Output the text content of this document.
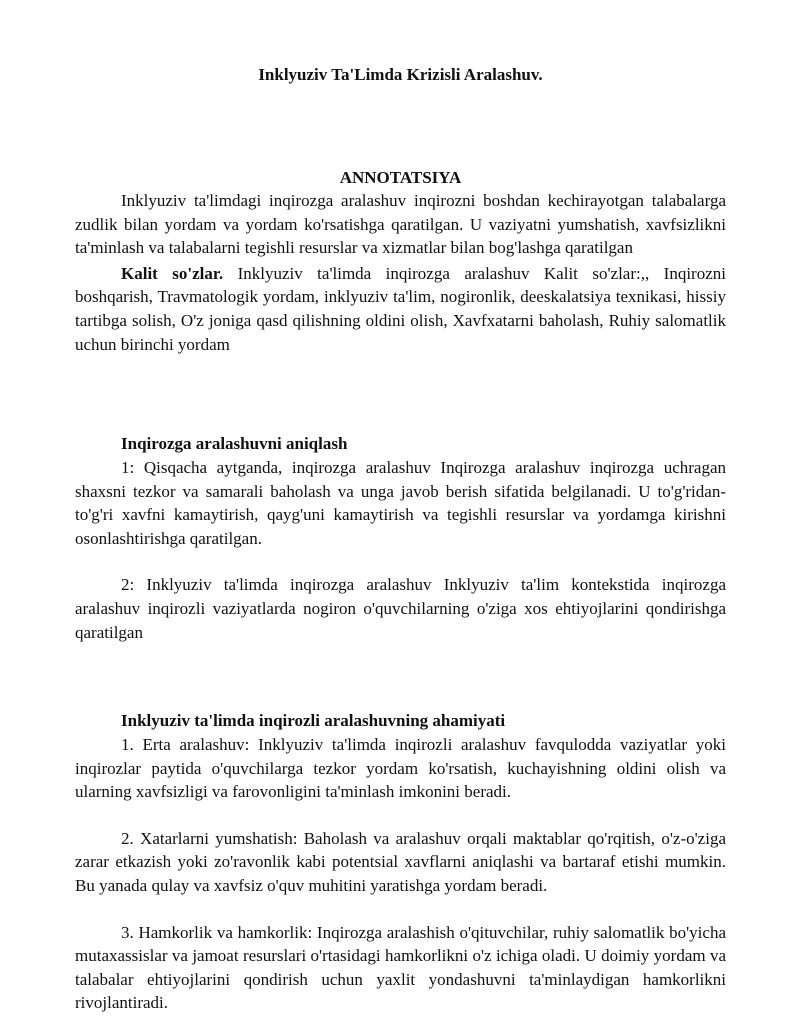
Inklyuziv Ta'Limda Krizisli Aralashuv.
ANNOTATSIYA

Inklyuziv ta'limdagi inqirozga aralashuv inqirozni boshdan kechirayotgan talabalarga zudlik bilan yordam va yordam ko'rsatishga qaratilgan. U vaziyatni yumshatish, xavfsizlikni ta'minlash va talabalarni tegishli resurslar va xizmatlar bilan bog'lashga qaratilgan

Kalit so'zlar. Inklyuziv ta'limda inqirozga aralashuv Kalit so'zlar:,, Inqirozni boshqarish, Travmatologik yordam, inklyuziv ta'lim, nogironlik, deeskalatsiya texnikasi, hissiy tartibga solish, O'z joniga qasd qilishning oldini olish, Xavfxatarni baholash, Ruhiy salomatlik uchun birinchi yordam

Inqirozga aralashuvni aniqlash

1: Qisqacha aytganda, inqirozga aralashuv Inqirozga aralashuv inqirozga uchragan shaxsni tezkor va samarali baholash va unga javob berish sifatida belgilanadi. U to'g'ridan-to'g'ri xavfni kamaytirish, qayg'uni kamaytirish va tegishli resurslar va yordamga kirishni osonlashtirishga qaratilgan.

2: Inklyuziv ta'limda inqirozga aralashuv Inklyuziv ta'lim kontekstida inqirozga aralashuv inqirozli vaziyatlarda nogiron o'quvchilarning o'ziga xos ehtiyojlarini qondirishga qaratilgan

Inklyuziv ta'limda inqirozli aralashuvning ahamiyati

1. Erta aralashuv: Inklyuziv ta'limda inqirozli aralashuv favqulodda vaziyatlar yoki inqirozlar paytida o'quvchilarga tezkor yordam ko'rsatish, kuchayishning oldini olish va ularning xavfsizligi va farovonligini ta'minlash imkonini beradi.

2. Xatarlarni yumshatish: Baholash va aralashuv orqali maktablar qo'rqitish, o'z-o'ziga zarar etkazish yoki zo'ravonlik kabi potentsial xavflarni aniqlashi va bartaraf etishi mumkin. Bu yanada qulay va xavfsiz o'quv muhitini yaratishga yordam beradi.

3. Hamkorlik va hamkorlik: Inqirozga aralashish o'qituvchilar, ruhiy salomatlik bo'yicha mutaxassislar va jamoat resurslari o'rtasidagi hamkorlikni o'z ichiga oladi. U doimiy yordam va talabalar ehtiyojlarini qondirish uchun yaxlit yondashuvni ta'minlaydigan hamkorlikni rivojlantiradi.
